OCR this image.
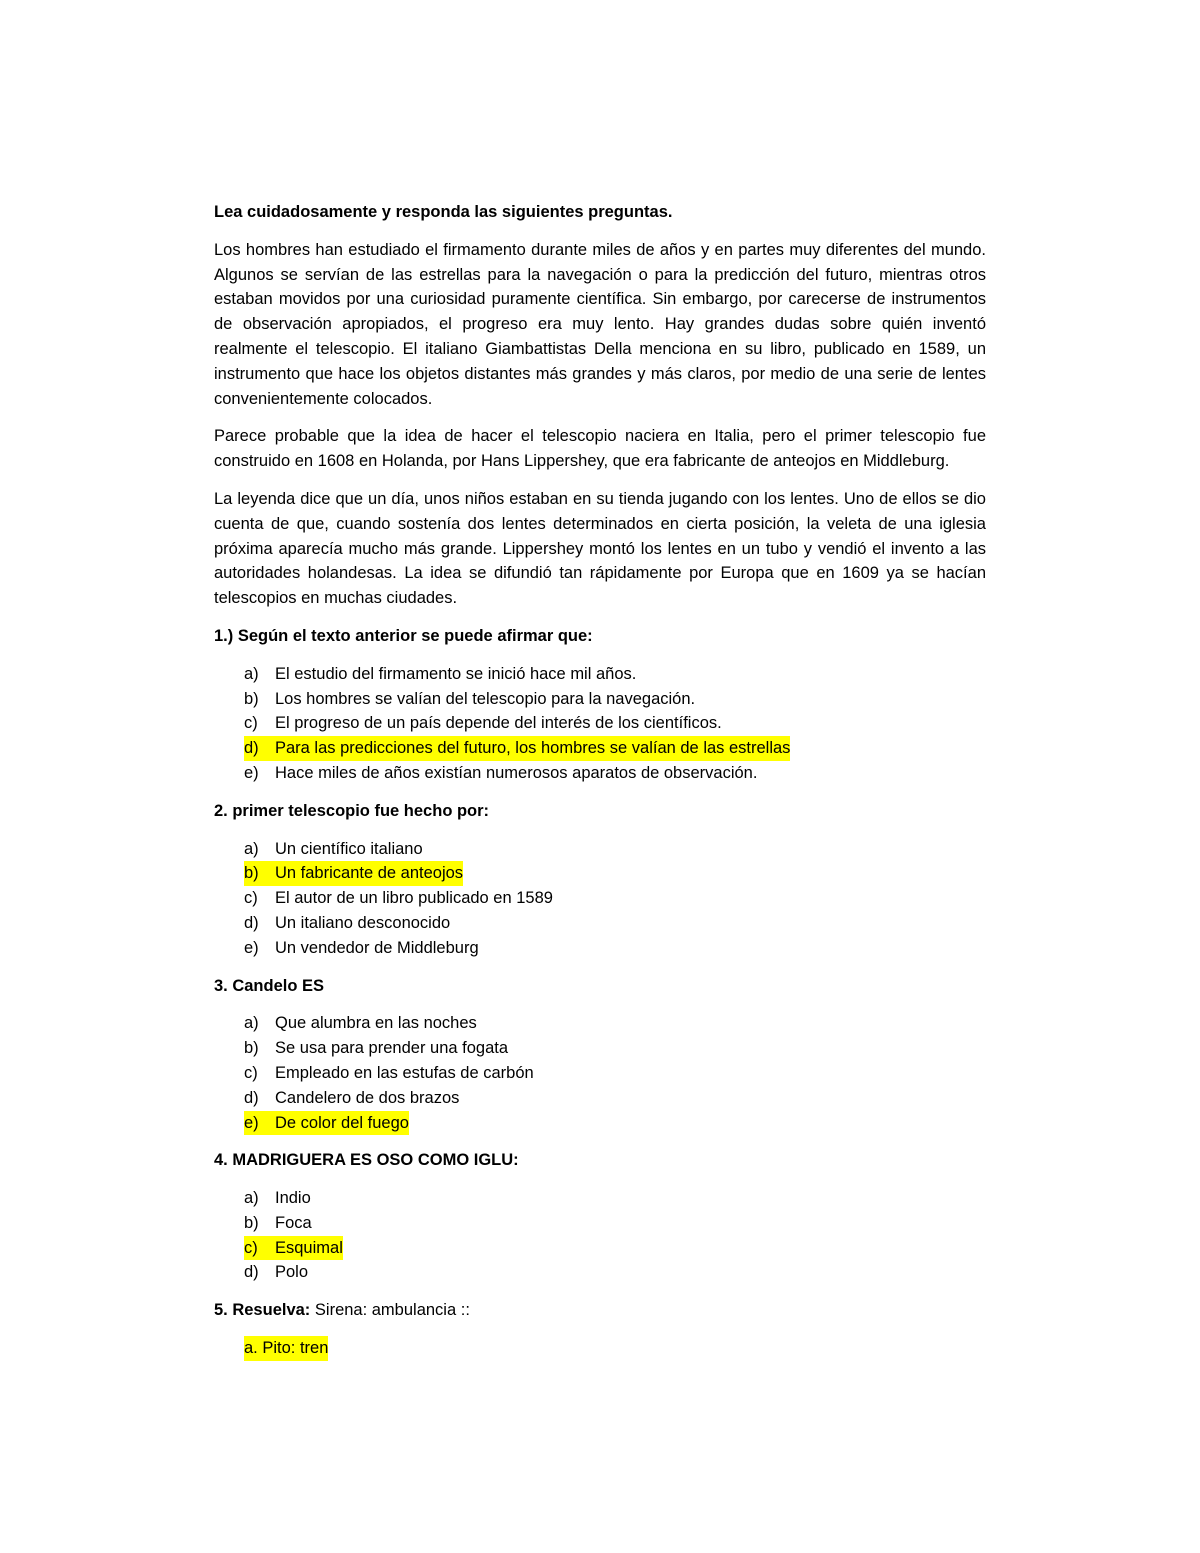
Lea cuidadosamente y responda las siguientes preguntas.

Los hombres han estudiado el firmamento durante miles de años y en partes muy diferentes del mundo. Algunos se servían de las estrellas para la navegación o para la predicción del futuro, mientras otros estaban movidos por una curiosidad puramente científica. Sin embargo, por carecerse de instrumentos de observación apropiados, el progreso era muy lento. Hay grandes dudas sobre quién inventó realmente el telescopio. El italiano Giambattistas Della menciona en su libro, publicado en 1589, un instrumento que hace los objetos distantes más grandes y más claros, por medio de una serie de lentes convenientemente colocados.

Parece probable que la idea de hacer el telescopio naciera en Italia, pero el primer telescopio fue construido en 1608 en Holanda, por Hans Lippershey, que era fabricante de anteojos en Middleburg.

La leyenda dice que un día, unos niños estaban en su tienda jugando con los lentes. Uno de ellos se dio cuenta de que, cuando sostenía dos lentes determinados en cierta posición, la veleta de una iglesia próxima aparecía mucho más grande. Lippershey montó los lentes en un tubo y vendió el invento a las autoridades holandesas. La idea se difundió tan rápidamente por Europa que en 1609 ya se hacían telescopios en muchas ciudades.

1.) Según el texto anterior se puede afirmar que:

a) El estudio del firmamento se inició hace mil años.
b) Los hombres se valían del telescopio para la navegación.
c) El progreso de un país depende del interés de los científicos.
d) Para las predicciones del futuro, los hombres se valían de las estrellas
e) Hace miles de años existían numerosos aparatos de observación.

2. primer telescopio fue hecho por:

a) Un científico italiano
b) Un fabricante de anteojos
c) El autor de un libro publicado en 1589
d) Un italiano desconocido
e) Un vendedor de Middleburg

3. Candelo ES

a) Que alumbra en las noches
b) Se usa para prender una fogata
c) Empleado en las estufas de carbón
d) Candelero de dos brazos
e) De color del fuego

4. MADRIGUERA ES OSO COMO IGLU:

a) Indio
b) Foca
c) Esquimal
d) Polo

5. Resuelva: Sirena: ambulancia ::

a. Pito: tren
